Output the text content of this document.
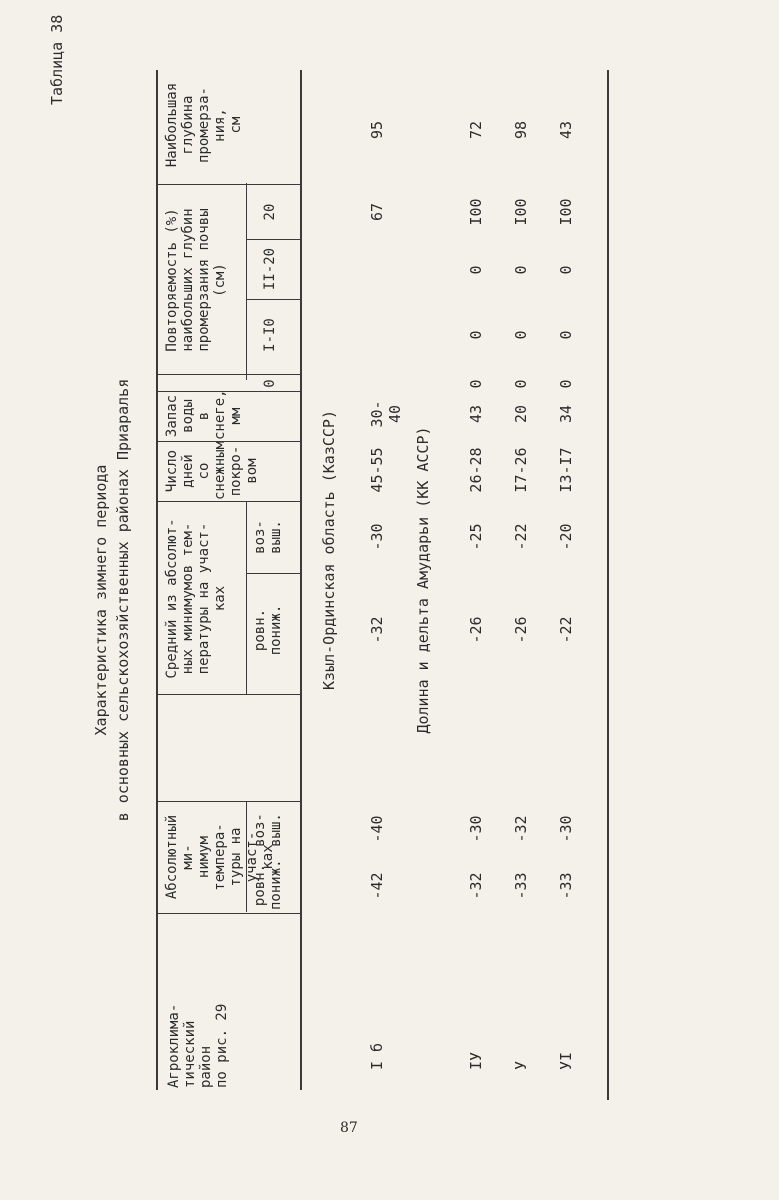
Таблица 38
Характеристика зимнего периода в основных сельскохозяйственных районах Приаралья
Агроклима- тический район по рис. 29
Абсолютный ми- нимум темпера- туры на участ- ках
ровн. пониж.
воз- выш.
Средний из абсолют- ных минимумов тем- пературы на участ- ках
ровн. пониж.
воз- выш.
Число дней со снежным покро- вом
Наибольшая глубина промерза- ния, см
Повторяемость (%) наибольших глубин промерзания почвы (см)
0
I-I0
II-20
20
Кзыл-Ординская область (КазССР)
I б
-42
-40
-32
-30
45-55
30-40
67
95
Долина и дельта Амударьи (КК АССР)
IУ
-32
-30
-26
-25
26-28
43
0
0
0
I00
72
У
-33
-32
-26
-22
I7-26
20
0
0
0
I00
98
УI
-33
-30
-22
-20
I3-I7
34
0
0
0
I00
43
Запас воды в снеге, мм
87
